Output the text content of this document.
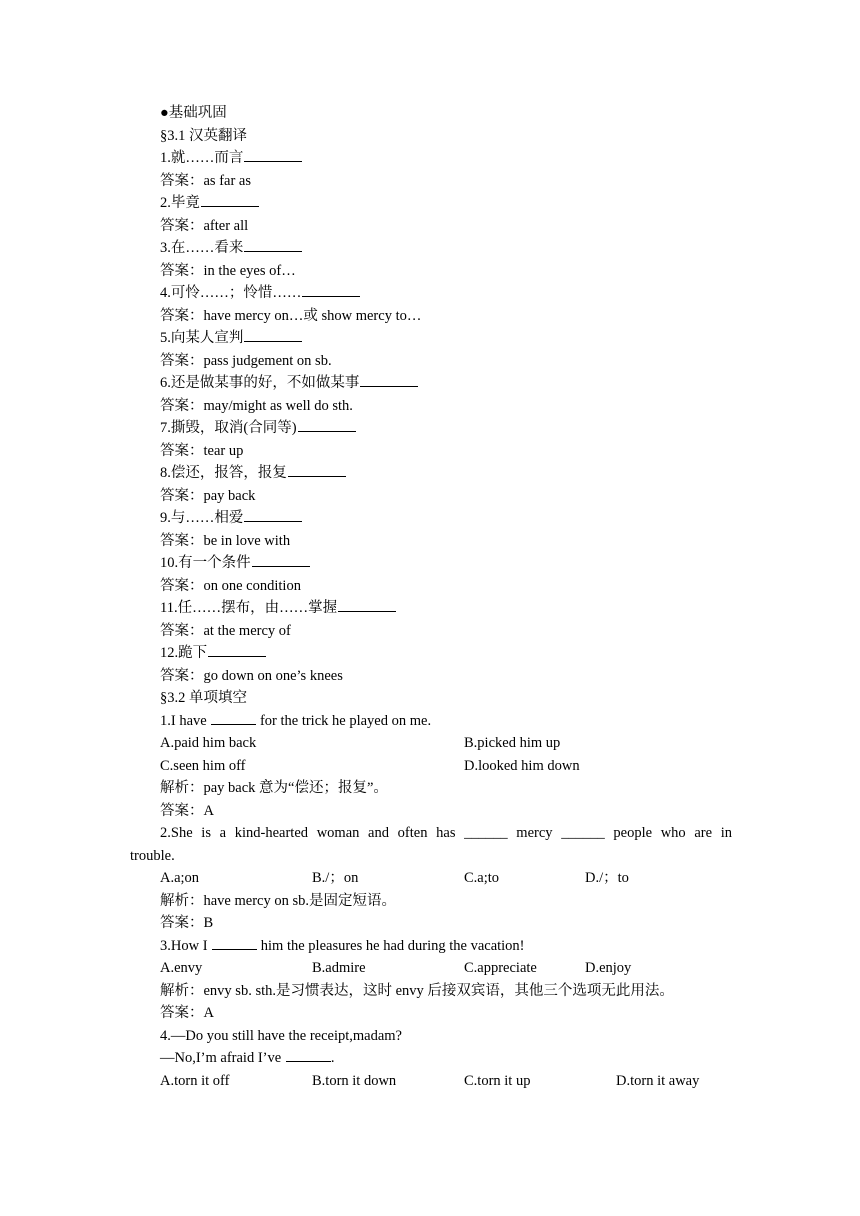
●基础巩固
§3.1 汉英翻译
1.就……而言
答案：as far as
2.毕竟
答案：after all
3.在……看来
答案：in the eyes of…
4.可怜……；怜惜……
答案：have mercy on…或 show mercy to…
5.向某人宣判
答案：pass judgement on sb.
6.还是做某事的好，不如做某事
答案：may/might as well do sth.
7.撕毁，取消(合同等)
答案：tear up
8.偿还，报答，报复
答案：pay back
9.与……相爱
答案：be in love with
10.有一个条件
答案：on one condition
11.任……摆布，由……掌握
答案：at the mercy of
12.跪下
答案：go down on one’s knees
§3.2 单项填空
1.I have	for the trick he played on me.
A.paid him back	B.picked him up
C.seen him off	D.looked him down
解析：pay back 意为“偿还；报复”。
答案：A
2.She is a kind-hearted woman and often has ______ mercy ______ people who are in
trouble.
A.a;on	B./；on	C.a;to	D./；to
解析：have mercy on sb.是固定短语。
答案：B
3.How I	him the pleasures he had during the vacation!
A.envy	B.admire	C.appreciate	D.enjoy
解析：envy sb. sth.是习惯表达，这时 envy 后接双宾语，其他三个选项无此用法。
答案：A
4.—Do you still have the receipt,madam?
—No,I’m afraid I’ve	.
A.torn it off	B.torn it down	C.torn it up	D.torn it away
